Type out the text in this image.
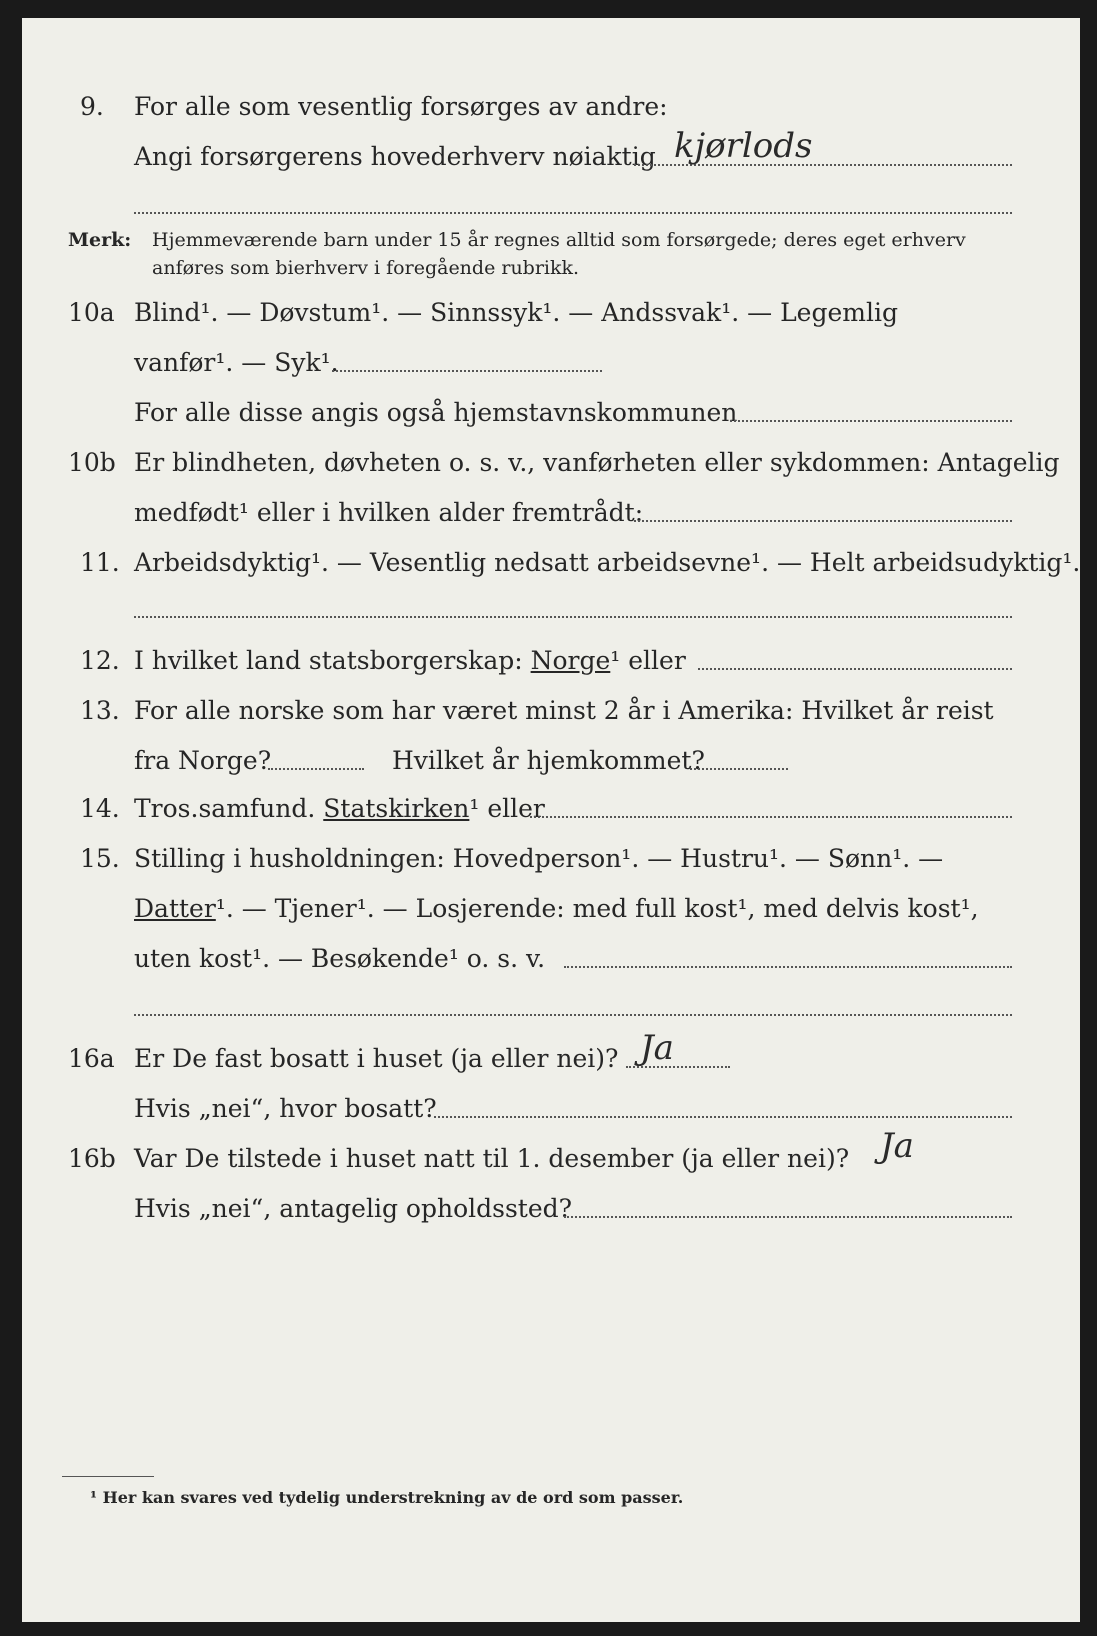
9. For alle som vesentlig forsørges av andre:
Angi forsørgerens hovederhverv nøiaktig kjørlods
Merk: Hjemmeværende barn under 15 år regnes alltid som forsørgede; deres eget erhverv
anføres som bierhverv i foregående rubrikk.
10a Blind¹. — Døvstum¹. — Sinnssyk¹. — Andssvak¹. — Legemlig
vanfør¹. — Syk¹.
For alle disse angis også hjemstavnskommunen
10b Er blindheten, døvheten o. s. v., vanførheten eller sykdommen: Antagelig
medfødt¹ eller i hvilken alder fremtrådt:
11. Arbeidsdyktig¹. — Vesentlig nedsatt arbeidsevne¹. — Helt arbeidsudyktig¹.
12. I hvilket land statsborgerskap: Norge¹ eller
13. For alle norske som har været minst 2 år i Amerika: Hvilket år reist
fra Norge?	Hvilket år hjemkommet?
14. Tros.samfund. Statskirken¹ eller
15. Stilling i husholdningen: Hovedperson¹. — Hustru¹. — Sønn¹. —
Datter¹. — Tjener¹. — Losjerende: med full kost¹, med delvis kost¹,
uten kost¹. — Besøkende¹ o. s. v.
16a Er De fast bosatt i huset (ja eller nei)? Ja
Hvis „nei“, hvor bosatt?
16b Var De tilstede i huset natt til 1. desember (ja eller nei)? Ja
Hvis „nei“, antagelig opholdssted?
¹ Her kan svares ved tydelig understrekning av de ord som passer.
